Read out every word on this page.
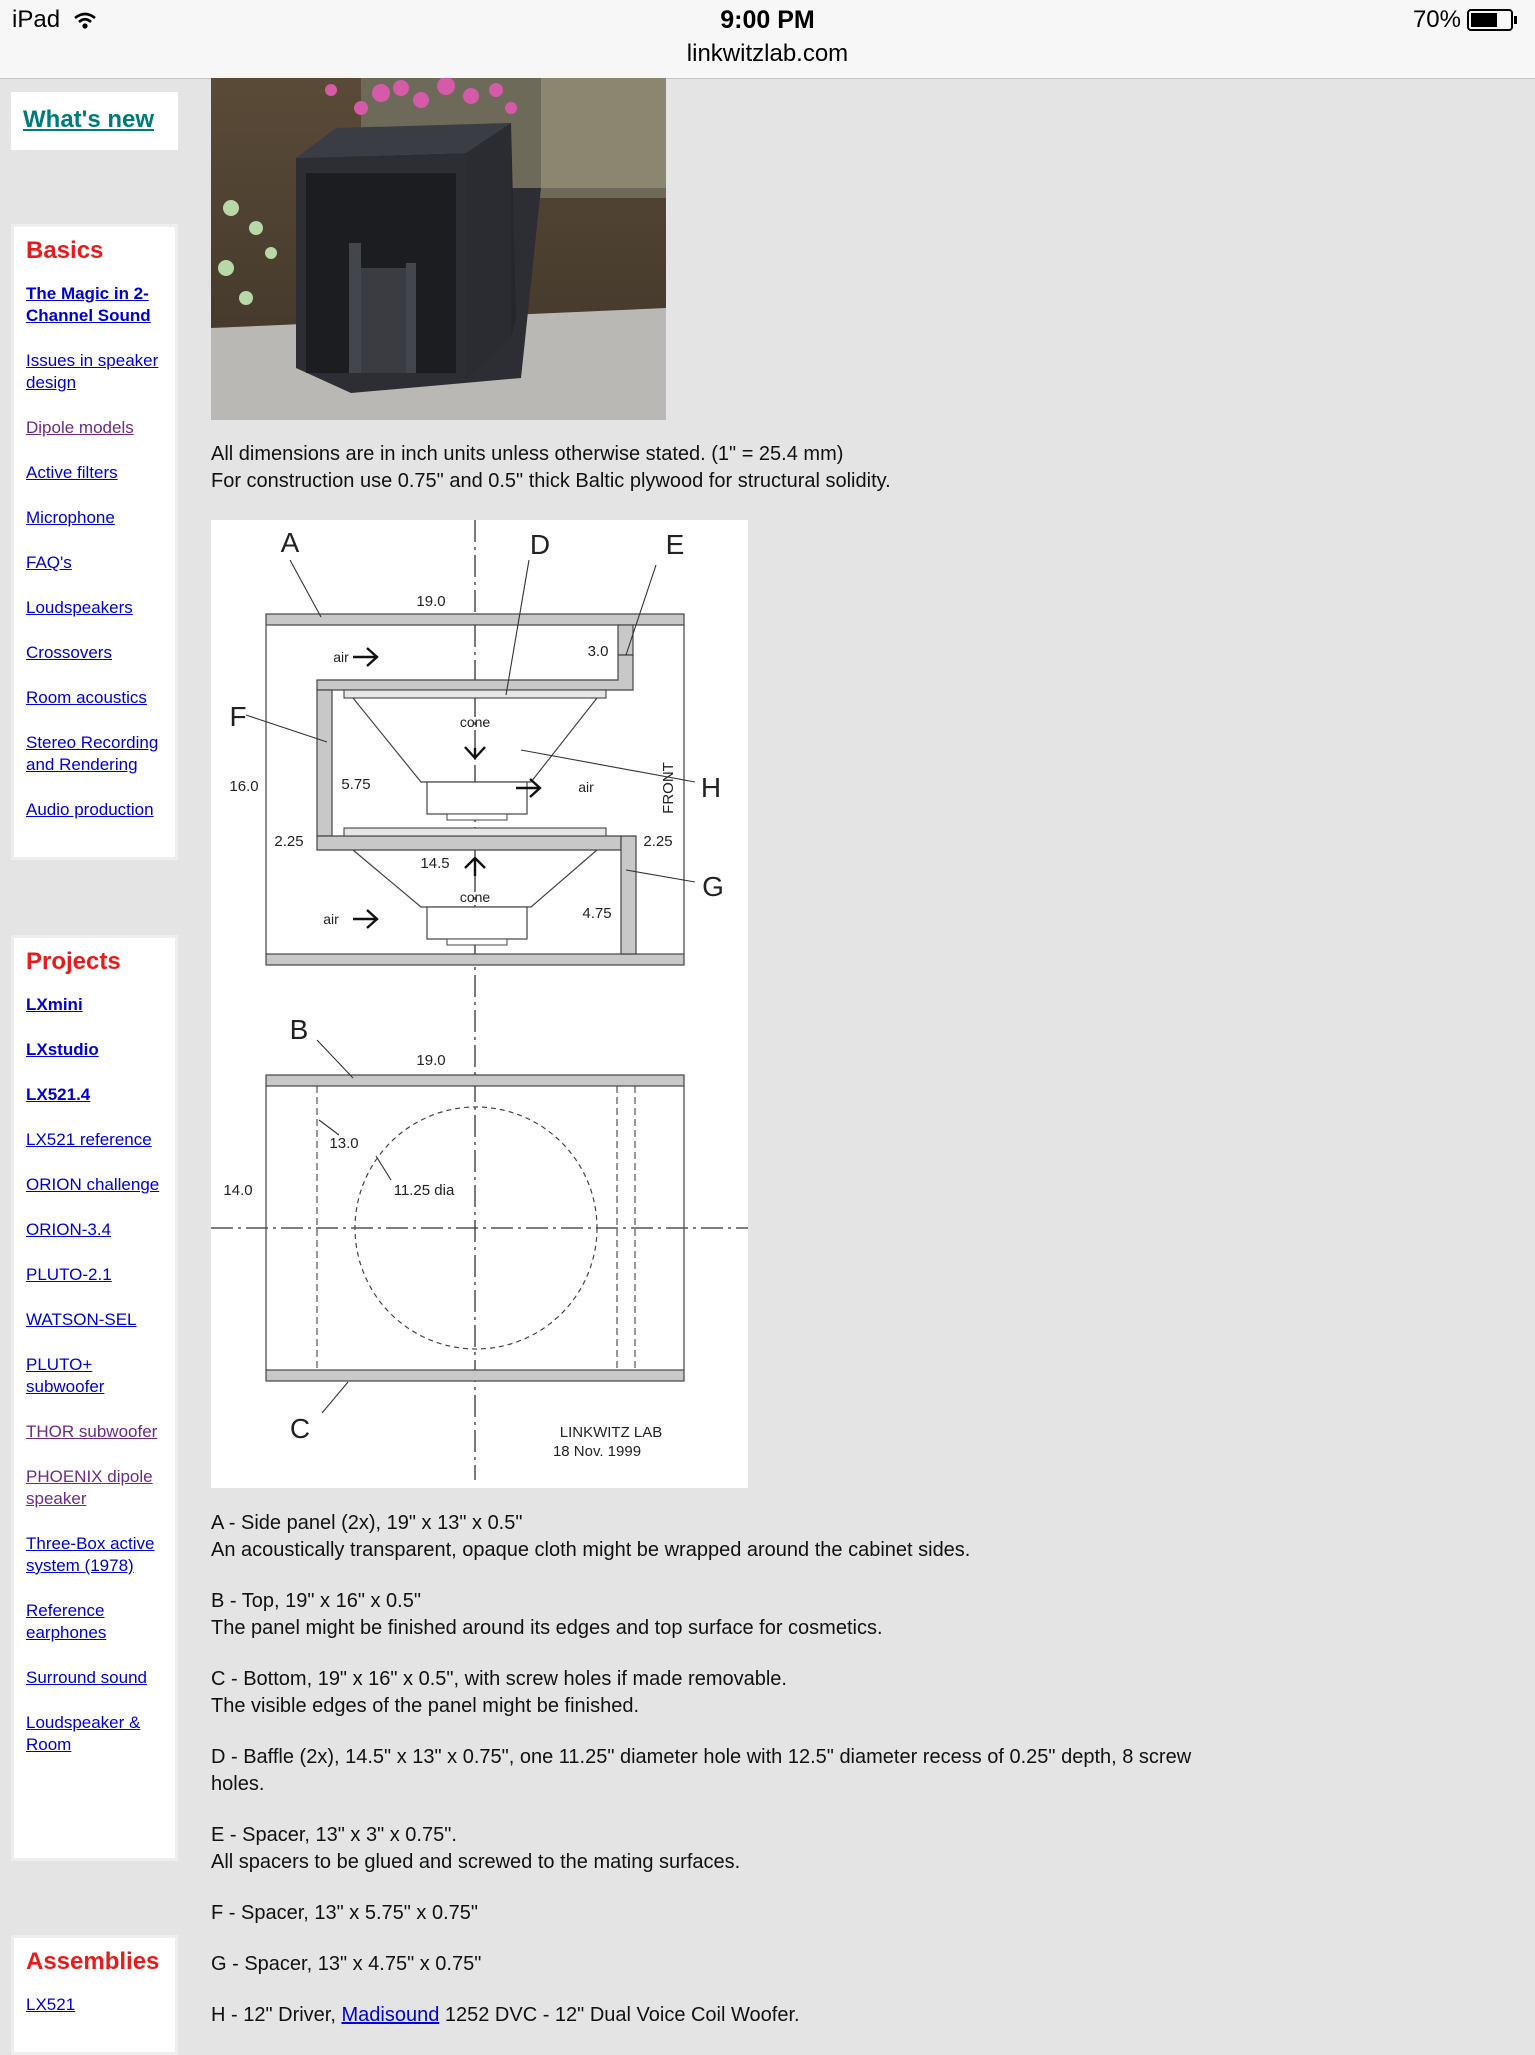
iPad	9:00 PM
linkwitzlab.com
70%
What's new
Basics
The Magic in 2-Channel Sound
Issues in speaker design
Dipole models
Active filters
Microphone
FAQ's
Loudspeakers
Crossovers
Room acoustics
Stereo Recording and Rendering
Audio production
Projects
LXmini
LXstudio
LX521.4
LX521 reference
ORION challenge
ORION-3.4
PLUTO-2.1
WATSON-SEL
PLUTO+ subwoofer
THOR subwoofer
PHOENIX dipole speaker
Three-Box active system (1978)
Reference earphones
Surround sound
Loudspeaker & Room
Assemblies
LX521
All dimensions are in inch units unless otherwise stated. (1" = 25.4 mm)
For construction use 0.75" and 0.5" thick Baltic plywood for structural solidity.
A	D	E
F
H
G
19.0
3.0
16.0	5.75
2.25	2.25
14.5
4.75
air
air
air
cone
cone
FRONT
B
C
19.0
13.0
11.25 dia
14.0
LINKWITZ LAB
18 Nov. 1999
A - Side panel (2x), 19" x 13" x 0.5"
An acoustically transparent, opaque cloth might be wrapped around the cabinet sides.
B - Top, 19" x 16" x 0.5"
The panel might be finished around its edges and top surface for cosmetics.
C - Bottom, 19" x 16" x 0.5", with screw holes if made removable.
The visible edges of the panel might be finished.
D - Baffle (2x), 14.5" x 13" x 0.75", one 11.25" diameter hole with 12.5" diameter recess of 0.25" depth, 8 screw
holes.
E - Spacer, 13" x 3" x 0.75".
All spacers to be glued and screwed to the mating surfaces.
F - Spacer, 13" x 5.75" x 0.75"
G - Spacer, 13" x 4.75" x 0.75"
H - 12" Driver, Madisound 1252 DVC - 12" Dual Voice Coil Woofer.
